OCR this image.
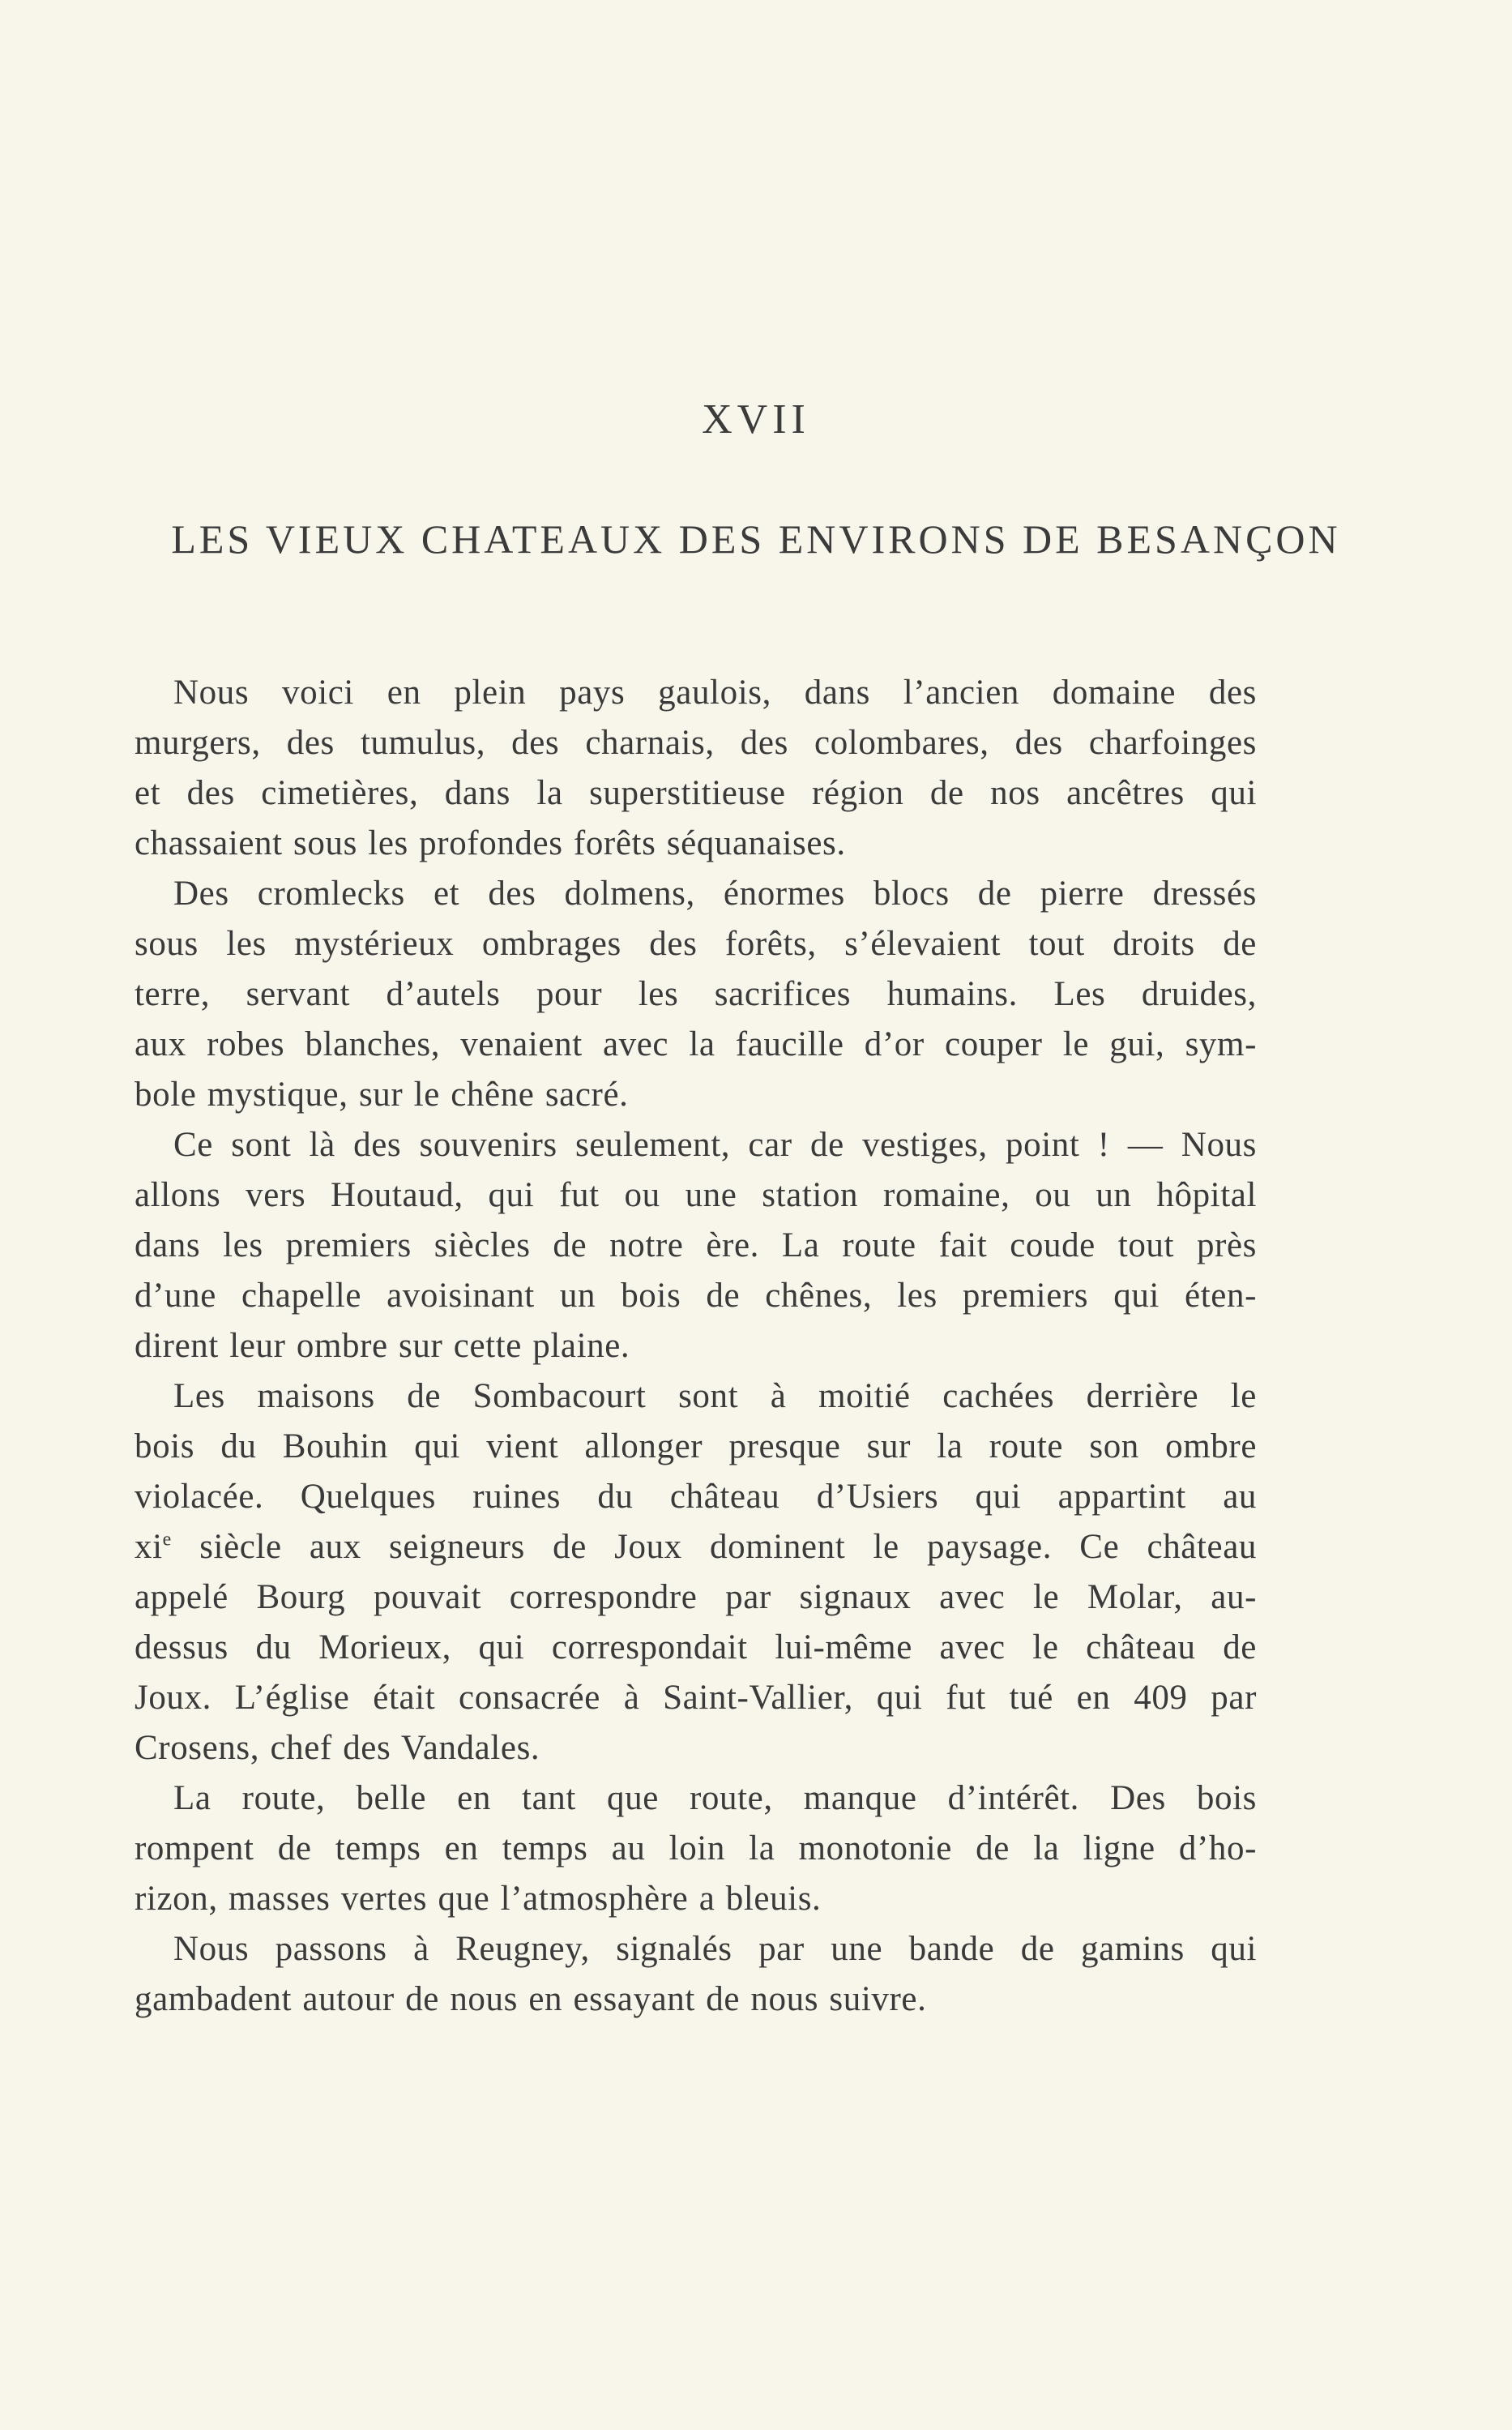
XVII
LES VIEUX CHATEAUX DES ENVIRONS DE BESANÇON
Nous voici en plein pays gaulois, dans l’ancien domaine des
murgers, des tumulus, des charnais, des colombares, des charfoinges
et des cimetières, dans la superstitieuse région de nos ancêtres qui
chassaient sous les profondes forêts séquanaises.
Des cromlecks et des dolmens, énormes blocs de pierre dressés
sous les mystérieux ombrages des forêts, s’élevaient tout droits de
terre, servant d’autels pour les sacrifices humains. Les druides,
aux robes blanches, venaient avec la faucille d’or couper le gui, sym-
bole mystique, sur le chêne sacré.
Ce sont là des souvenirs seulement, car de vestiges, point ! — Nous
allons vers Houtaud, qui fut ou une station romaine, ou un hôpital
dans les premiers siècles de notre ère. La route fait coude tout près
d’une chapelle avoisinant un bois de chênes, les premiers qui éten-
dirent leur ombre sur cette plaine.
Les maisons de Sombacourt sont à moitié cachées derrière le
bois du Bouhin qui vient allonger presque sur la route son ombre
violacée. Quelques ruines du château d’Usiers qui appartint au
$xi^e$ siècle aux seigneurs de Joux dominent le paysage. Ce château
appelé Bourg pouvait correspondre par signaux avec le Molar, au-
dessus du Morieux, qui correspondait lui-même avec le château de
Joux. L’église était consacrée à Saint-Vallier, qui fut tué en 409 par
Crosens, chef des Vandales.
La route, belle en tant que route, manque d’intérêt. Des bois
rompent de temps en temps au loin la monotonie de la ligne d’ho-
rizon, masses vertes que l’atmosphère a bleuis.
Nous passons à Reugney, signalés par une bande de gamins qui
gambadent autour de nous en essayant de nous suivre.
